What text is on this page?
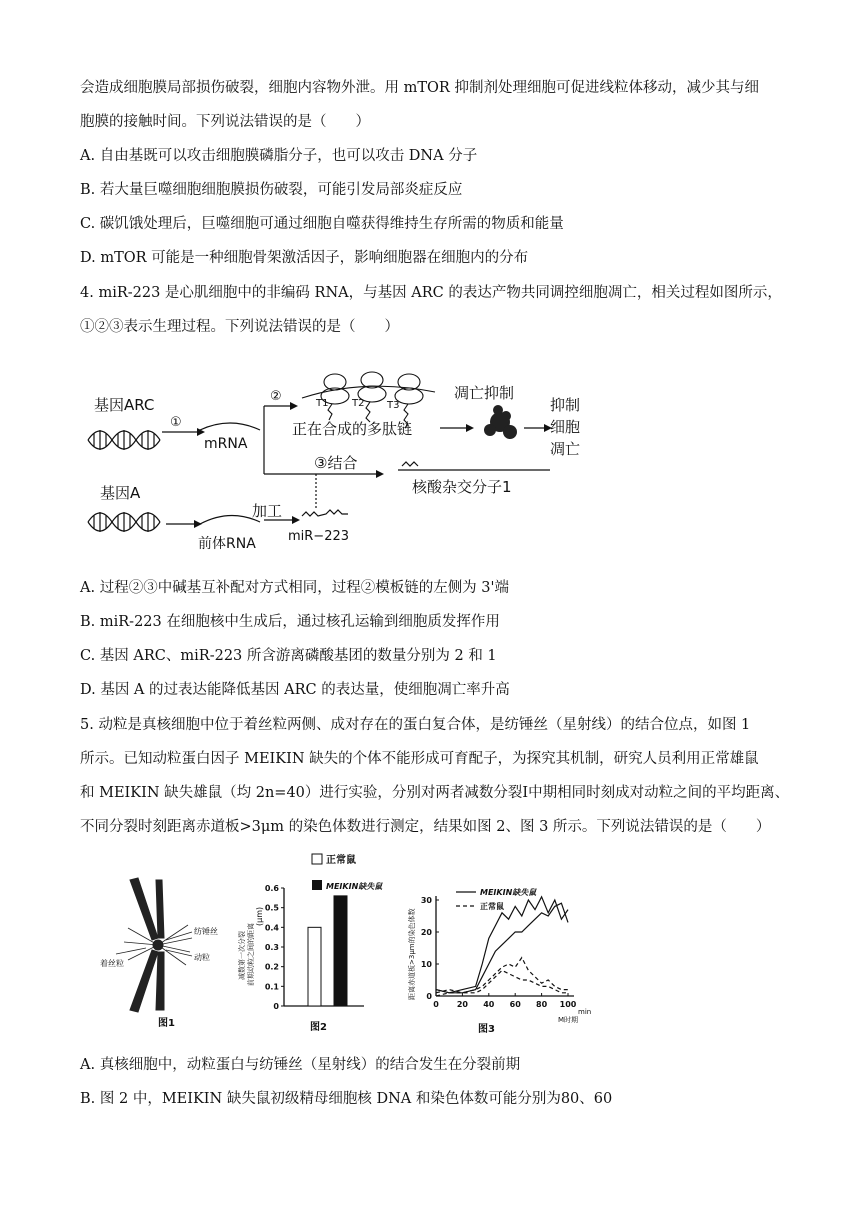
会造成细胞膜局部损伤破裂，细胞内容物外泄。用 mTOR 抑制剂处理细胞可促进线粒体移动，减少其与细
胞膜的接触时间。下列说法错误的是（　　）
A. 自由基既可以攻击细胞膜磷脂分子，也可以攻击 DNA 分子
B. 若大量巨噬细胞细胞膜损伤破裂，可能引发局部炎症反应
C. 碳饥饿处理后，巨噬细胞可通过细胞自噬获得维持生存所需的物质和能量
D. mTOR 可能是一种细胞骨架激活因子，影响细胞器在细胞内的分布
4. miR-223 是心肌细胞中的非编码 RNA，与基因 ARC 的表达产物共同调控细胞凋亡，相关过程如图所示，
①②③表示生理过程。下列说法错误的是（　　）
基因ARC
①
mRNA
②	T1 T2 T3
正在合成的多肽链
凋亡抑制
抑制
细胞
凋亡
③结合
核酸杂交分子1
基因A
前体RNA
加工
miR−223
A. 过程②③中碱基互补配对方式相同，过程②模板链的左侧为 3'端
B. miR-223 在细胞核中生成后，通过核孔运输到细胞质发挥作用
C. 基因 ARC、miR-223 所含游离磷酸基团的数量分别为 2 和 1
D. 基因 A 的过表达能降低基因 ARC 的表达量，使细胞凋亡率升高
5. 动粒是真核细胞中位于着丝粒两侧、成对存在的蛋白复合体，是纺锤丝（星射线）的结合位点，如图 1
所示。已知动粒蛋白因子 MEIKIN 缺失的个体不能形成可育配子，为探究其机制，研究人员利用正常雄鼠
和 MEIKIN 缺失雄鼠（均 2n=40）进行实验，分别对两者减数分裂Ⅰ中期相同时刻成对动粒之间的平均距离、
不同分裂时刻距离赤道板>3μm 的染色体数进行测定，结果如图 2、图 3 所示。下列说法错误的是（　　）
纺锤丝
着丝粒
动粒
图1
正常鼠
MEIKIN缺失鼠
减数第一次分裂 前期动粒之间的距离
(μm)
0
0.1
0.2
0.3
0.4
0.5
0.6
图2
MEIKIN缺失鼠
正常鼠
距离赤道板>3μm的染色体数 0
10
20
30
0 20 40 60 80 100
M时期
min
图3
A. 真核细胞中，动粒蛋白与纺锤丝（星射线）的结合发生在分裂前期
B. 图 2 中，MEIKIN 缺失鼠初级精母细胞核 DNA 和染色体数可能分别为80、60
